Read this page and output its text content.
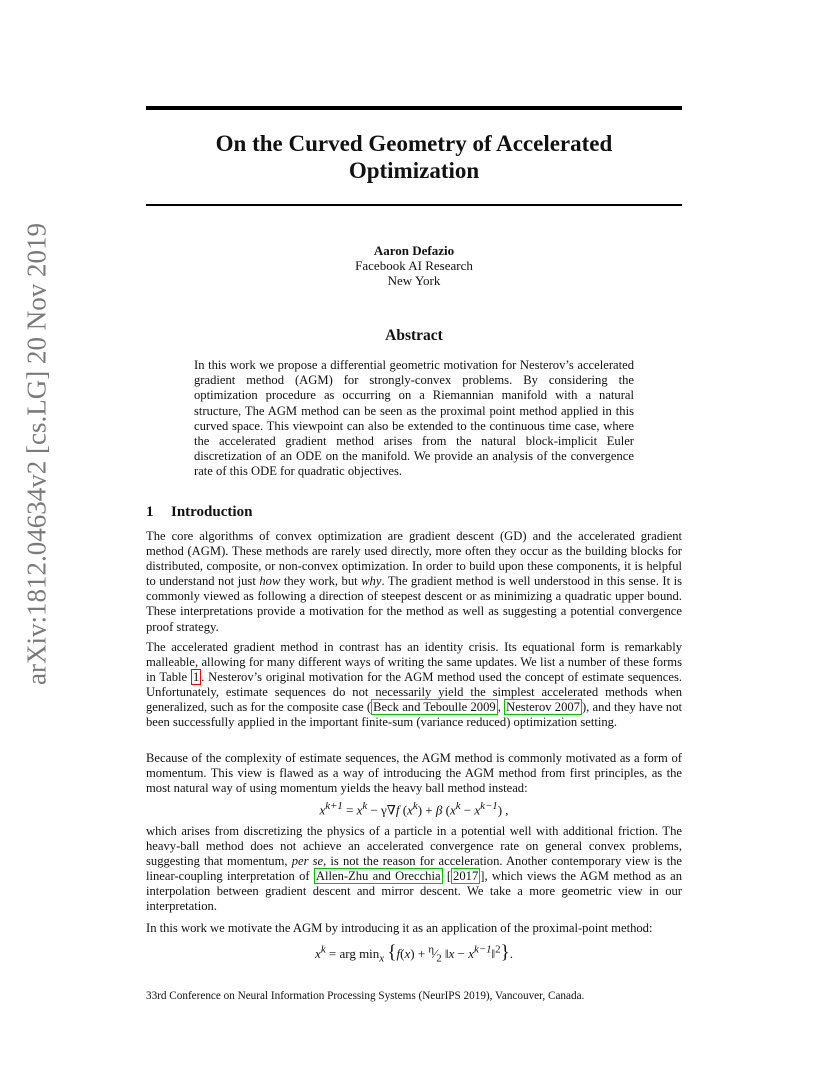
arXiv:1812.04634v2 [cs.LG] 20 Nov 2019
On the Curved Geometry of Accelerated
Optimization
Aaron Defazio
Facebook AI Research
New York
Abstract

In this work we propose a differential geometric motivation for Nesterov’s accelerated gradient method (AGM) for strongly-convex problems. By considering the optimization procedure as occurring on a Riemannian manifold with a natural structure, The AGM method can be seen as the proximal point method applied in this curved space. This viewpoint can also be extended to the continuous time case, where the accelerated gradient method arises from the natural block-implicit Euler discretization of an ODE on the manifold. We provide an analysis of the convergence rate of this ODE for quadratic objectives.

1 Introduction

The core algorithms of convex optimization are gradient descent (GD) and the accelerated gradient method (AGM). These methods are rarely used directly, more often they occur as the building blocks for distributed, composite, or non-convex optimization. In order to build upon these components, it is helpful to understand not just how they work, but why. The gradient method is well understood in this sense. It is commonly viewed as following a direction of steepest descent or as minimizing a quadratic upper bound. These interpretations provide a motivation for the method as well as suggesting a potential convergence proof strategy.

The accelerated gradient method in contrast has an identity crisis. Its equational form is remarkably malleable, allowing for many different ways of writing the same updates. We list a number of these forms in Table 1 . Nesterov’s original motivation for the AGM method used the concept of estimate sequences. Unfortunately, estimate sequences do not necessarily yield the simplest accelerated methods when generalized, such as for the composite case ( Beck and Teboulle 2009 , Nesterov 2007 ), and they have not been successfully applied in the important finite-sum (variance reduced) optimization setting.

Because of the complexity of estimate sequences, the AGM method is commonly motivated as a form of momentum. This view is flawed as a way of introducing the AGM method from first principles, as the most natural way of using momentum yields the heavy ball method instead:

$x^{k+1} = x^k - \gamma\nabla f$ $(x^k) + \beta$ $(x^k - x^{k-1})$ ,

which arises from discretizing the physics of a particle in a potential well with additional friction. The heavy-ball method does not achieve an accelerated convergence rate on general convex problems, suggesting that momentum, per se, is not the reason for acceleration. Another contemporary view is the linear-coupling interpretation of Allen-Zhu and Orecchia [ 2017 ], which views the AGM method as an interpolation between gradient descent and mirror descent. We take a more geometric view in our interpretation.

In this work we motivate the AGM by introducing it as an application of the proximal-point method:

$x^k$ = arg $\min_x \{f(x)$ + $^\eta⁄_2$ ‖x − $x^{k-1}‖^2$}.

33rd Conference on Neural Information Processing Systems (NeurIPS 2019), Vancouver, Canada.
